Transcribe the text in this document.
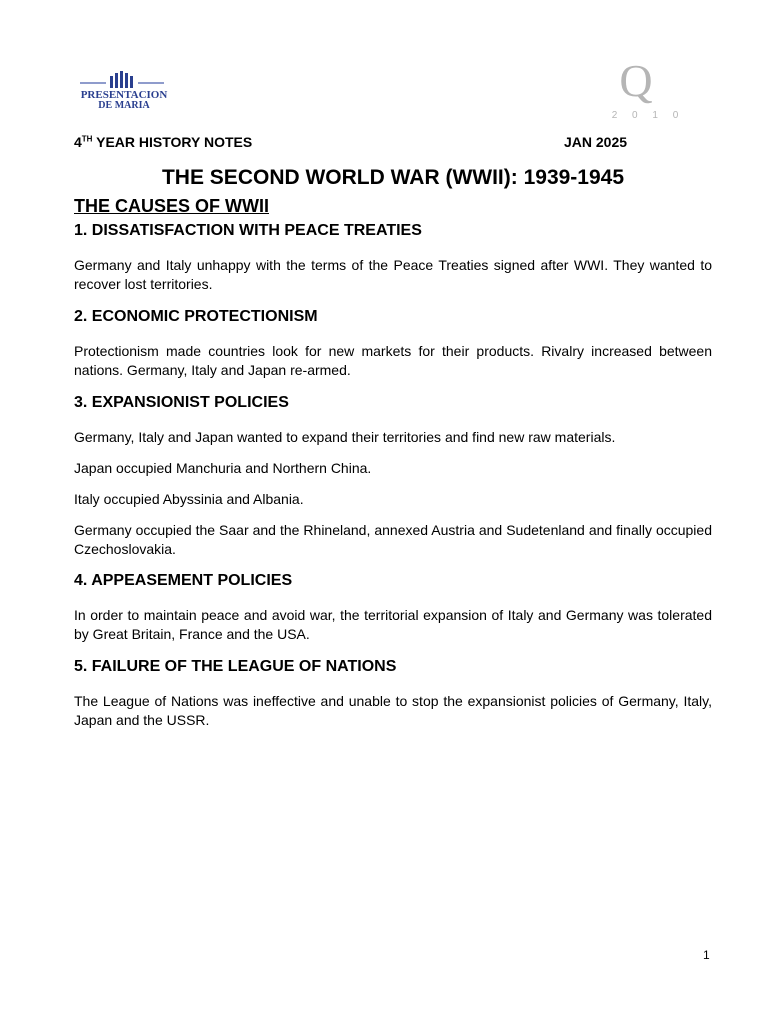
PRESENTACION
DE MARIA	Q
2 0 1 0
4TH YEAR HISTORY NOTES	JAN 2025
THE SECOND WORLD WAR (WWII): 1939-1945
THE CAUSES OF WWII

1. DISSATISFACTION WITH PEACE TREATIES

Germany and Italy unhappy with the terms of the Peace Treaties signed after WWI. They wanted to recover lost territories.

2. ECONOMIC PROTECTIONISM

Protectionism made countries look for new markets for their products. Rivalry increased between nations. Germany, Italy and Japan re-armed.

3. EXPANSIONIST POLICIES

Germany, Italy and Japan wanted to expand their territories and find new raw materials.

Japan occupied Manchuria and Northern China.

Italy occupied Abyssinia and Albania.

Germany occupied the Saar and the Rhineland, annexed Austria and Sudetenland and finally occupied Czechoslovakia.

4. APPEASEMENT POLICIES

In order to maintain peace and avoid war, the territorial expansion of Italy and Germany was tolerated by Great Britain, France and the USA.

5. FAILURE OF THE LEAGUE OF NATIONS

The League of Nations was ineffective and unable to stop the expansionist policies of Germany, Italy, Japan and the USSR.

1
